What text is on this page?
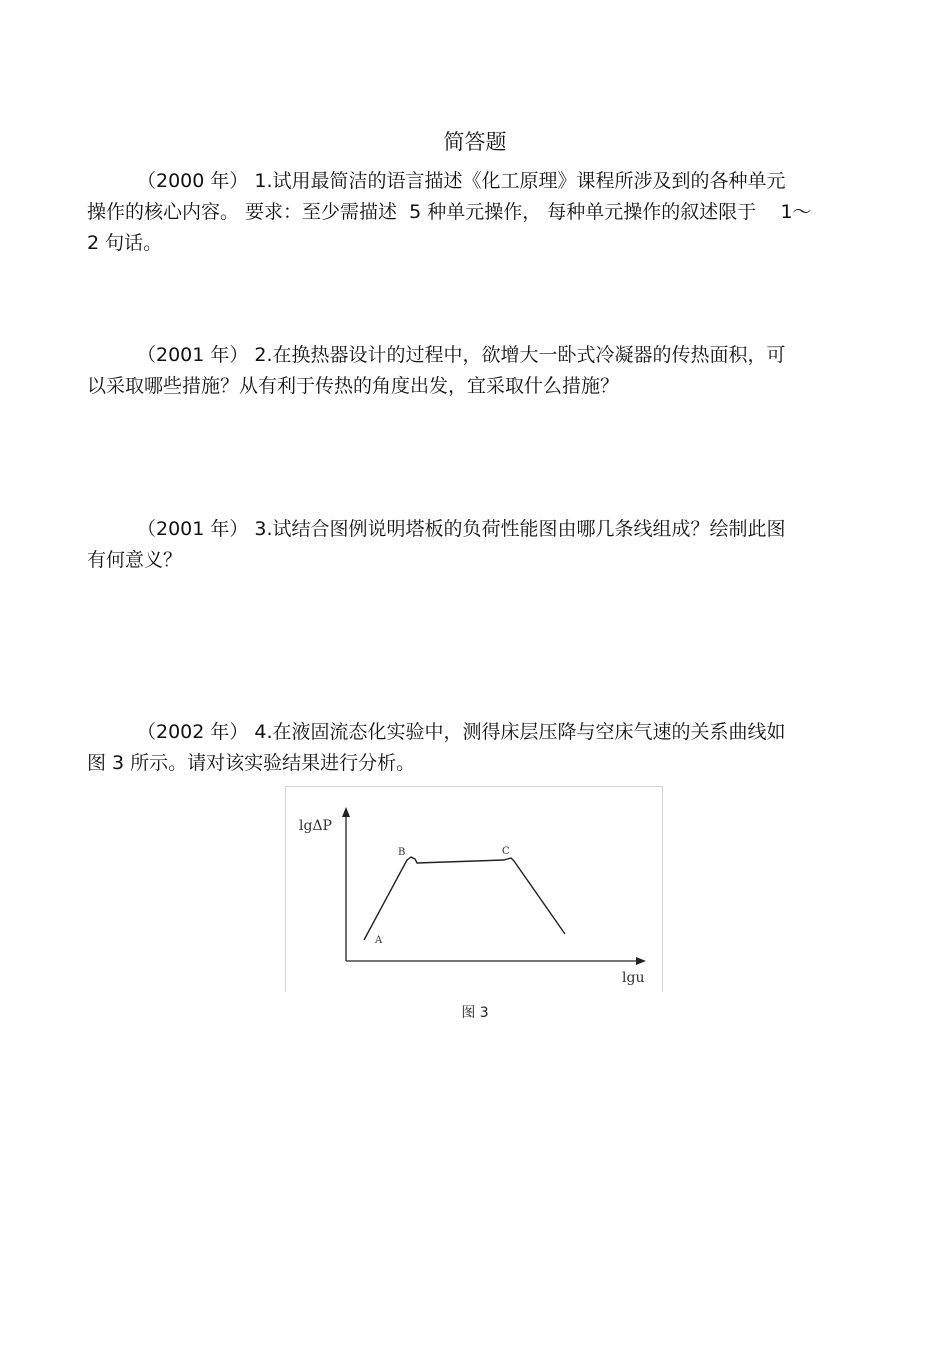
简答题

（2000 年） 1.试用最简洁的语言描述《化工原理》课程所涉及到的各种单元
操作的核心内容。 要求：至少需描述  5 种单元操作， 每种单元操作的叙述限于    1～
2 句话。

（2001 年） 2.在换热器设计的过程中，欲增大一卧式冷凝器的传热面积，可
以采取哪些措施？从有利于传热的角度出发，宜采取什么措施？

（2001 年） 3.试结合图例说明塔板的负荷性能图由哪几条线组成？绘制此图
有何意义？

（2002 年） 4.在液固流态化实验中，测得床层压降与空床气速的关系曲线如
图 3 所示。请对该实验结果进行分析。

lgΔP
lgu
A
B	C
图 3
